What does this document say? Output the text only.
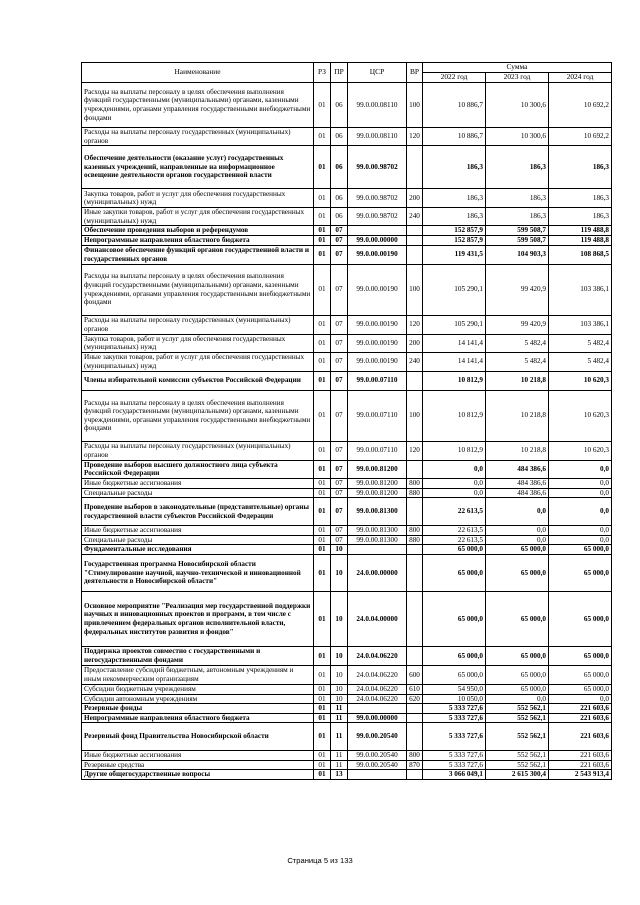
Наименование	РЗ	ПР	ЦСР	ВР	Сумма		
					2022 год	2023 год	2024 год
Расходы на выплаты персоналу в целях обеспечения выполнения функций государственными (муниципальными) органами, казенными учреждениями, органами управления государственными внебюджетными фондами	01	06	99.0.00.08110	100	10 886,7	10 300,6	10 692,2
Расходы на выплаты персоналу государственных (муниципальных) органов	01	06	99.0.00.08110	120	10 886,7	10 300,6	10 692,2
Обеспечение деятельности (оказание услуг) государственных казенных учреждений, направленные на информационное освещение деятельности органов государственной власти	01	06	99.0.00.98702		186,3	186,3	186,3
Закупка товаров, работ и услуг для обеспечения государственных (муниципальных) нужд	01	06	99.0.00.98702	200	186,3	186,3	186,3
Иные закупки товаров, работ и услуг для обеспечения государственных (муниципальных) нужд	01	06	99.0.00.98702	240	186,3	186,3	186,3
Обеспечение проведения выборов и референдумов	01	07			152 857,9	599 508,7	119 488,8
Непрограммные направления областного бюджета	01	07	99.0.00.00000		152 857,9	599 508,7	119 488,8
Финансовое обеспечение функций органов государственной власти и государственных органов	01	07	99.0.00.00190		119 431,5	104 903,3	108 868,5
Расходы на выплаты персоналу в целях обеспечения выполнения функций государственными (муниципальными) органами, казенными учреждениями, органами управления государственными внебюджетными фондами	01	07	99.0.00.00190	100	105 290,1	99 420,9	103 386,1
Расходы на выплаты персоналу государственных (муниципальных) органов	01	07	99.0.00.00190	120	105 290,1	99 420,9	103 386,1
Закупка товаров, работ и услуг для обеспечения государственных (муниципальных) нужд	01	07	99.0.00.00190	200	14 141,4	5 482,4	5 482,4
Иные закупки товаров, работ и услуг для обеспечения государственных (муниципальных) нужд	01	07	99.0.00.00190	240	14 141,4	5 482,4	5 482,4
Члены избирательной комиссии субъектов Российской Федерации	01	07	99.0.00.07110		10 812,9	10 218,8	10 620,3
Расходы на выплаты персоналу в целях обеспечения выполнения функций государственными (муниципальными) органами, казенными учреждениями, органами управления государственными внебюджетными фондами	01	07	99.0.00.07110	100	10 812,9	10 218,8	10 620,3
Расходы на выплаты персоналу государственных (муниципальных) органов	01	07	99.0.00.07110	120	10 812,9	10 218,8	10 620,3
Проведение выборов высшего должностного лица субъекта Российской Федерации	01	07	99.0.00.81200		0,0	484 386,6	0,0
Иные бюджетные ассигнования	01	07	99.0.00.81200	800	0,0	484 386,6	0,0
Специальные расходы	01	07	99.0.00.81200	880	0,0	484 386,6	0,0
Проведение выборов в законодательные (представительные) органы государственной власти субъектов Российской Федерации	01	07	99.0.00.81300		22 613,5	0,0	0,0
Иные бюджетные ассигнования	01	07	99.0.00.81300	800	22 613,5	0,0	0,0
Специальные расходы	01	07	99.0.00.81300	880	22 613,5	0,0	0,0
Фундаментальные исследования	01	10			65 000,0	65 000,0	65 000,0
Государственная программа Новосибирской области "Стимулирование научной, научно-технической и инновационной деятельности в Новосибирской области"	01	10	24.0.00.00000		65 000,0	65 000,0	65 000,0
Основное мероприятие "Реализация мер государственной поддержки научных и инновационных проектов и программ, в том числе с привлечением федеральных органов исполнительной власти, федеральных институтов развития и фондов"	01	10	24.0.04.00000		65 000,0	65 000,0	65 000,0
Поддержка проектов совместно с государственными и негосударственными фондами	01	10	24.0.04.06220		65 000,0	65 000,0	65 000,0
Предоставление субсидий бюджетным, автономным учреждениям и иным некоммерческим организациям	01	10	24.0.04.06220	600	65 000,0	65 000,0	65 000,0
Субсидии бюджетным учреждениям	01	10	24.0.04.06220	610	54 950,0	65 000,0	65 000,0
Субсидии автономным учреждениям	01	10	24.0.04.06220	620	10 050,0	0,0	0,0
Резервные фонды	01	11			5 333 727,6	552 562,1	221 603,6
Непрограммные направления областного бюджета	01	11	99.0.00.00000		5 333 727,6	552 562,1	221 603,6
Резервный фонд Правительства Новосибирской области	01	11	99.0.00.20540		5 333 727,6	552 562,1	221 603,6
Иные бюджетные ассигнования	01	11	99.0.00.20540	800	5 333 727,6	552 562,1	221 603,6
Резервные средства	01	11	99.0.00.20540	870	5 333 727,6	552 562,1	221 603,6
Другие общегосударственные вопросы	01	13			3 066 049,1	2 615 300,4	2 543 913,4
Страница 5 из 133
